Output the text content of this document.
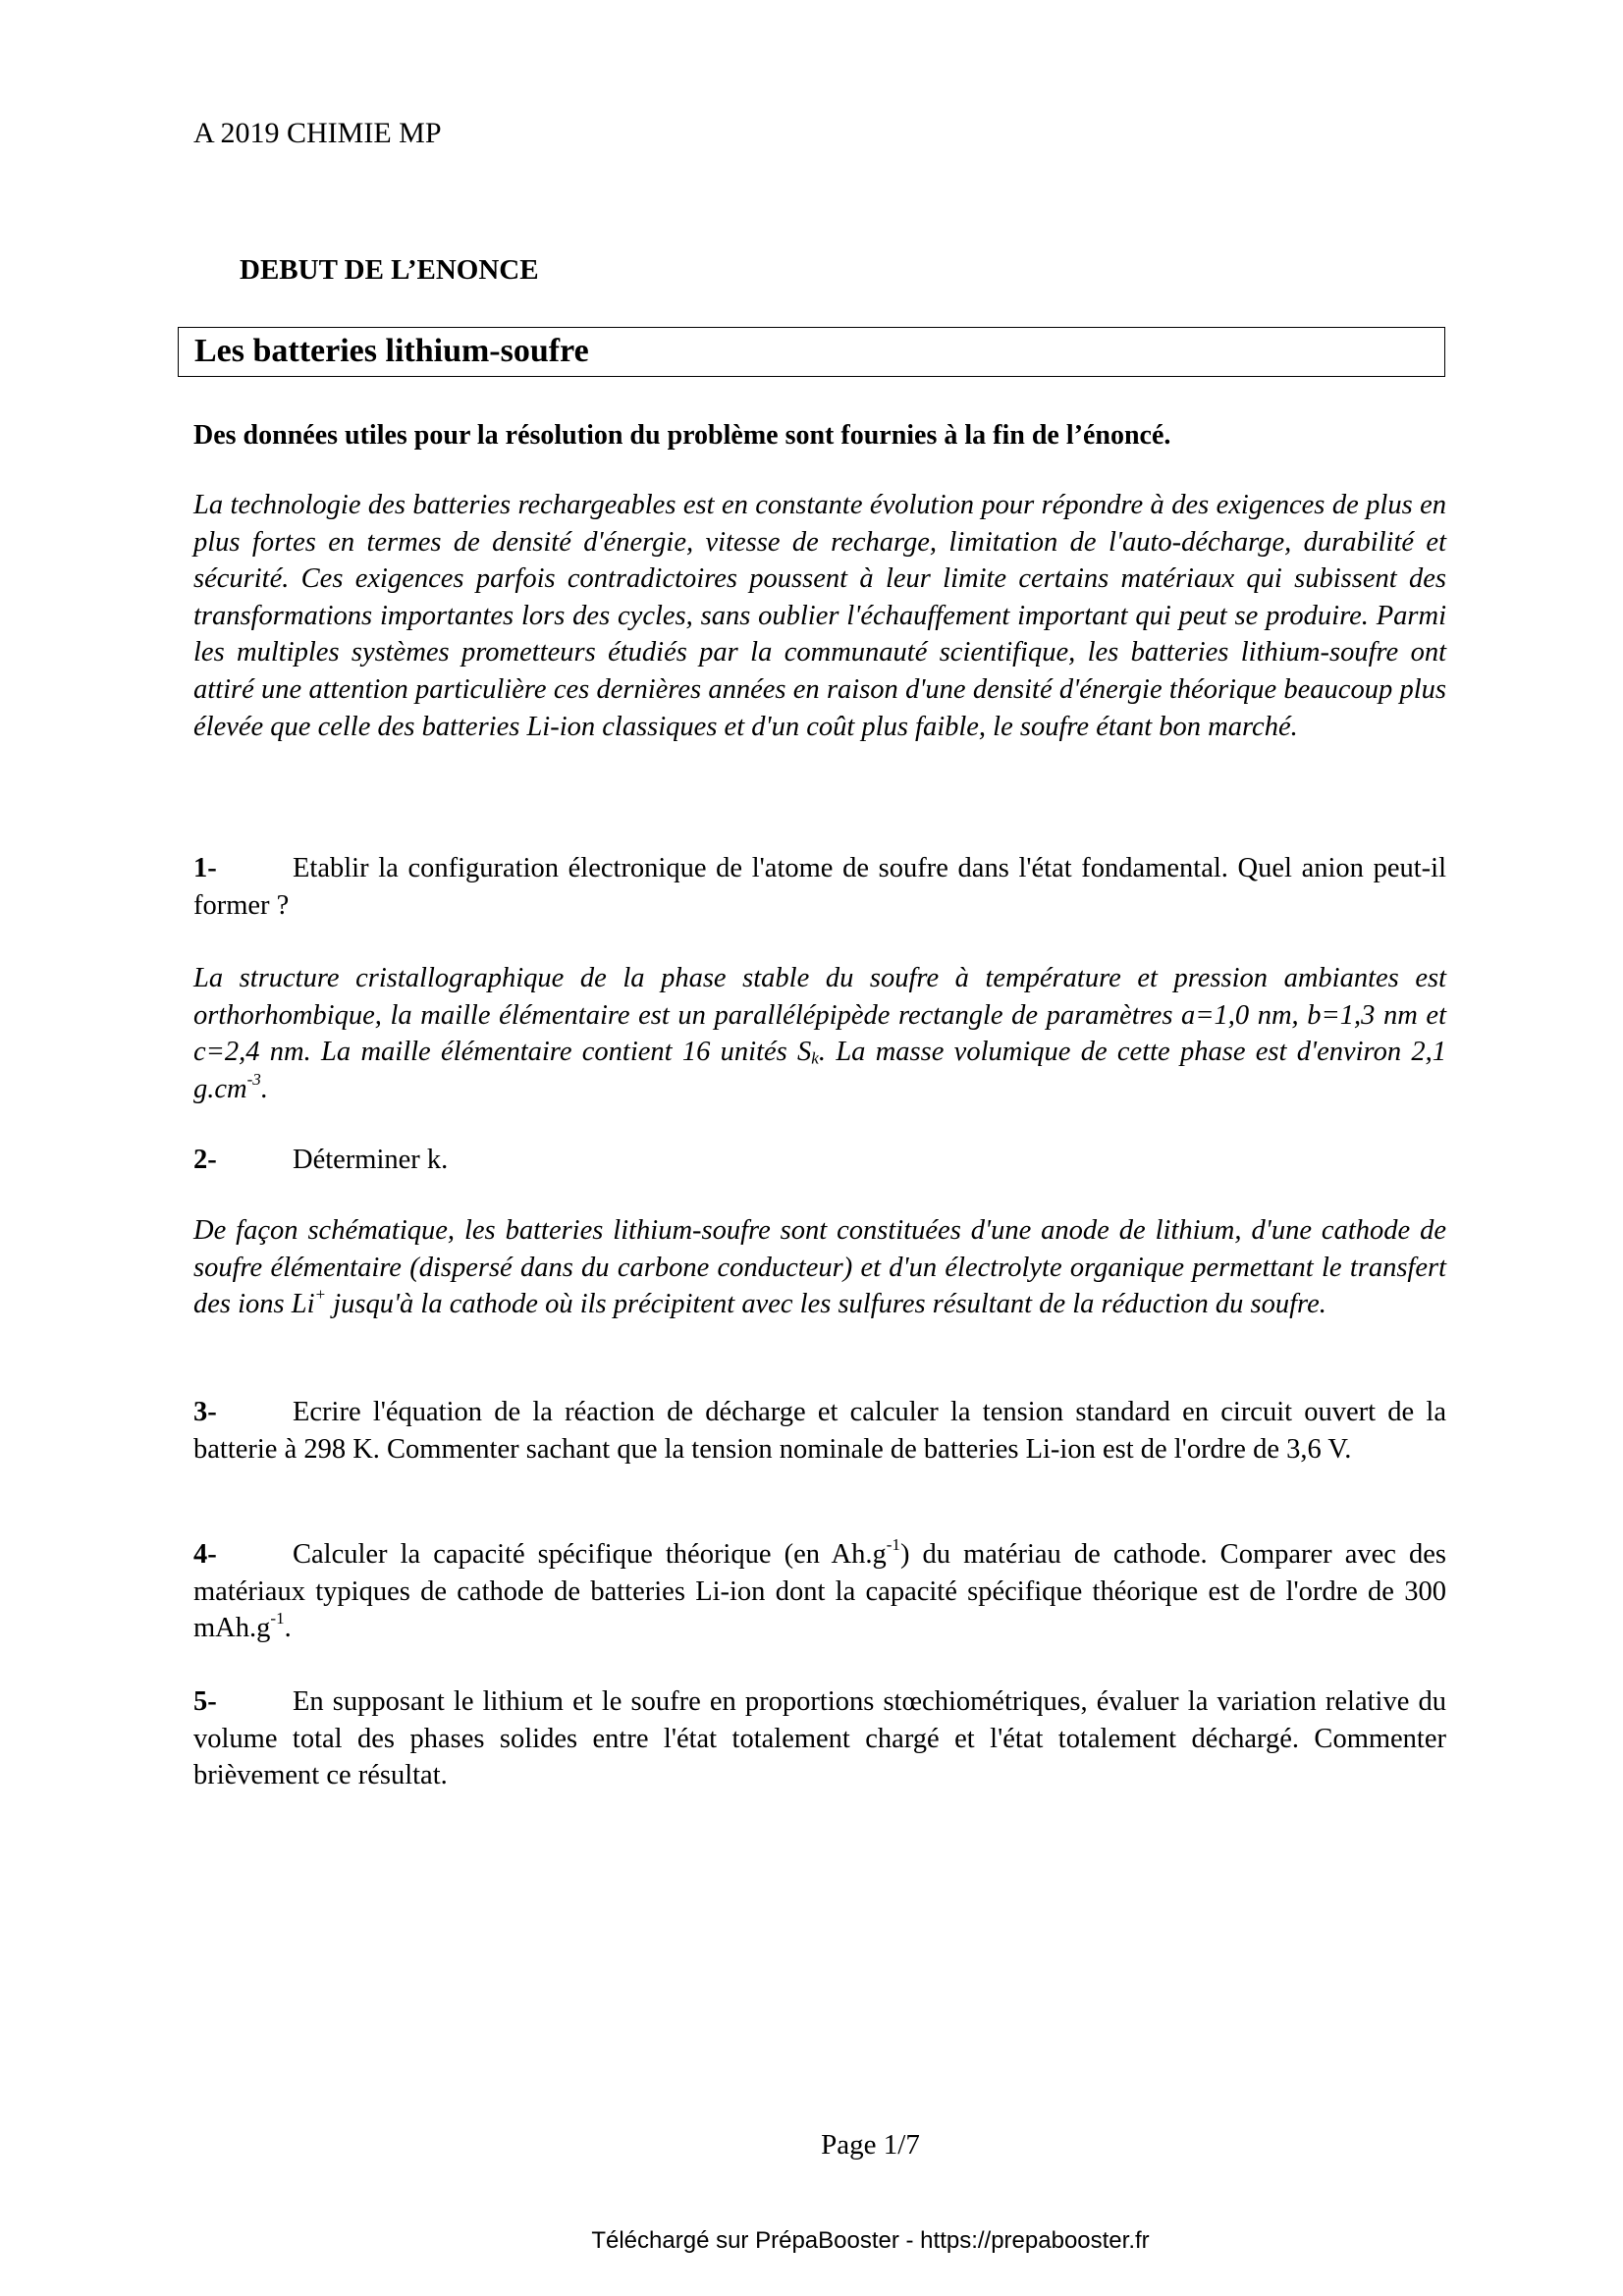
A 2019 CHIMIE MP
DEBUT DE L’ENONCE
Les batteries lithium-soufre
Des données utiles pour la résolution du problème sont fournies à la fin de l’énoncé.
La technologie des batteries rechargeables est en constante évolution pour répondre à des exigences de plus en plus fortes en termes de densité d'énergie, vitesse de recharge, limitation de l'auto-décharge, durabilité et sécurité. Ces exigences parfois contradictoires poussent à leur limite certains matériaux qui subissent des transformations importantes lors des cycles, sans oublier l'échauffement important qui peut se produire. Parmi les multiples systèmes prometteurs étudiés par la communauté scientifique, les batteries lithium-soufre ont attiré une attention particulière ces dernières années en raison d'une densité d'énergie théorique beaucoup plus élevée que celle des batteries Li-ion classiques et d'un coût plus faible, le soufre étant bon marché.
1-	Etablir la configuration électronique de l'atome de soufre dans l'état fondamental. Quel anion peut-il former ?
La structure cristallographique de la phase stable du soufre à température et pression ambiantes est orthorhombique, la maille élémentaire est un parallélépipède rectangle de paramètres a=1,0 nm, b=1,3 nm et c=2,4 nm. La maille élémentaire contient 16 unités $S_k$. La masse volumique de cette phase est d'environ 2,1 $g.cm^{-3}$.
2-	Déterminer k.
De façon schématique, les batteries lithium-soufre sont constituées d'une anode de lithium, d'une cathode de soufre élémentaire (dispersé dans du carbone conducteur) et d'un électrolyte organique permettant le transfert des ions Li+ jusqu'à la cathode où ils précipitent avec les sulfures résultant de la réduction du soufre.
3-	Ecrire l'équation de la réaction de décharge et calculer la tension standard en circuit ouvert de la batterie à 298 K. Commenter sachant que la tension nominale de batteries Li-ion est de l'ordre de 3,6 V.
4-	Calculer la capacité spécifique théorique (en $Ah.g^{-1}$) du matériau de cathode. Comparer avec des matériaux typiques de cathode de batteries Li-ion dont la capacité spécifique théorique est de l'ordre de 300 $mAh.g^{-1}$.
5-	En supposant le lithium et le soufre en proportions stœchiométriques, évaluer la variation relative du volume total des phases solides entre l'état totalement chargé et l'état totalement déchargé. Commenter brièvement ce résultat.
Page 1/7
Téléchargé sur PrépaBooster - https://prepabooster.fr
